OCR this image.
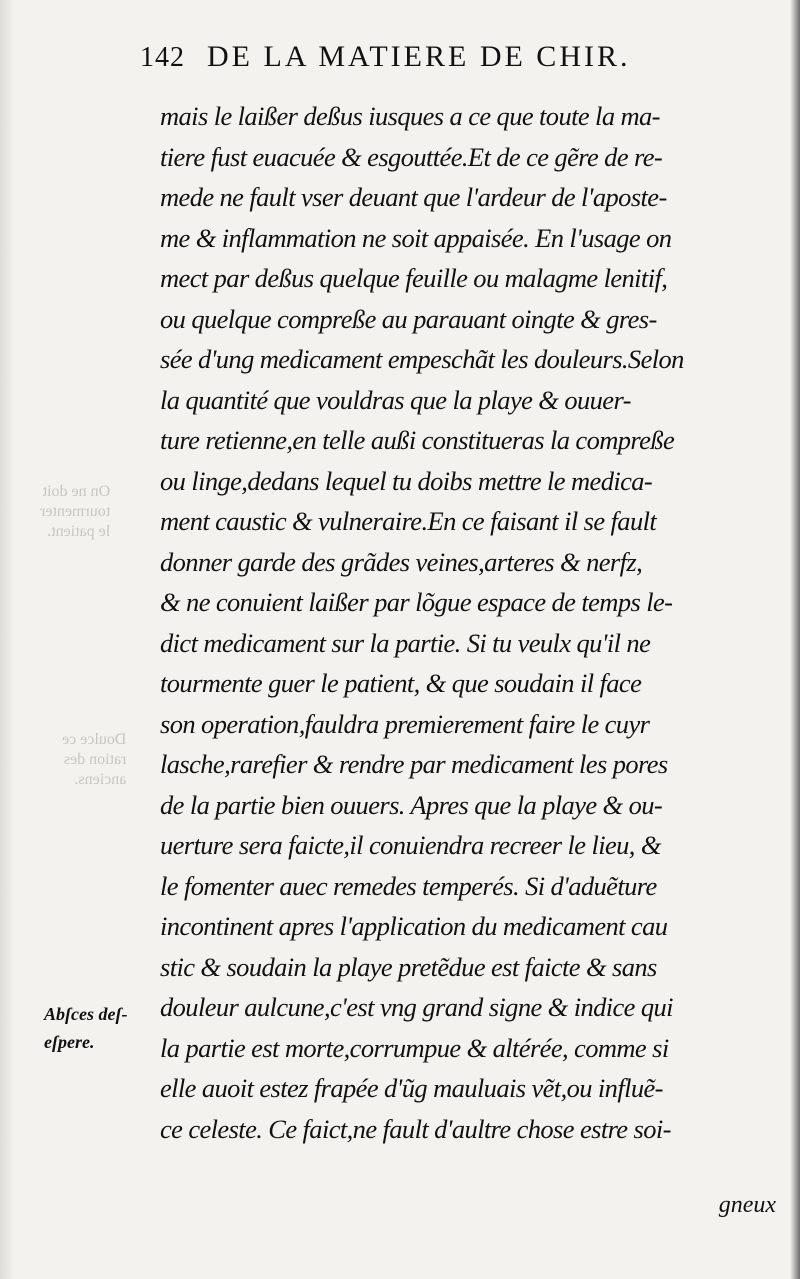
On ne doit
tourmenter
le patient.
Doulce ce
ration des
anciens.
142 DE LA MATIERE DE CHIR.
mais le laißer deßus iusques a ce que toute la ma-
tiere fust euacuée & esgouttée.Et de ce gẽre de re-
mede ne fault vser deuant que l'ardeur de l'aposte-
me & inflammation ne soit appaisée. En l'usage on
mect par deßus quelque feuille ou malagme lenitif,
ou quelque compreße au parauant oingte & gres-
sée d'ung medicament empeschãt les douleurs.Selon
la quantité que vouldras que la playe & ouuer-
ture retienne,en telle außi constitueras la compreße
ou linge,dedans lequel tu doibs mettre le medica-
ment caustic & vulneraire.En ce faisant il se fault
donner garde des grãdes veines,arteres & nerfz,
& ne conuient laißer par lõgue espace de temps le-
dict medicament sur la partie. Si tu veulx qu'il ne
tourmente guer le patient, & que soudain il face
son operation,fauldra premierement faire le cuyr
lasche,rarefier & rendre par medicament les pores
de la partie bien ouuers. Apres que la playe & ou-
uerture sera faicte,il conuiendra recreer le lieu, &
le fomenter auec remedes temperés. Si d'aduẽture
incontinent apres l'application du medicament cau
stic & soudain la playe pretẽdue est faicte & sans
douleur aulcune,c'est vng grand signe & indice qui
la partie est morte,corrumpue & altérée, comme si
elle auoit estez frapée d'ũg mauluais vẽt,ou influẽ-
ce celeste. Ce faict,ne fault d'aultre chose estre soi-
Abſces deſ-
eſpere.
gneux
